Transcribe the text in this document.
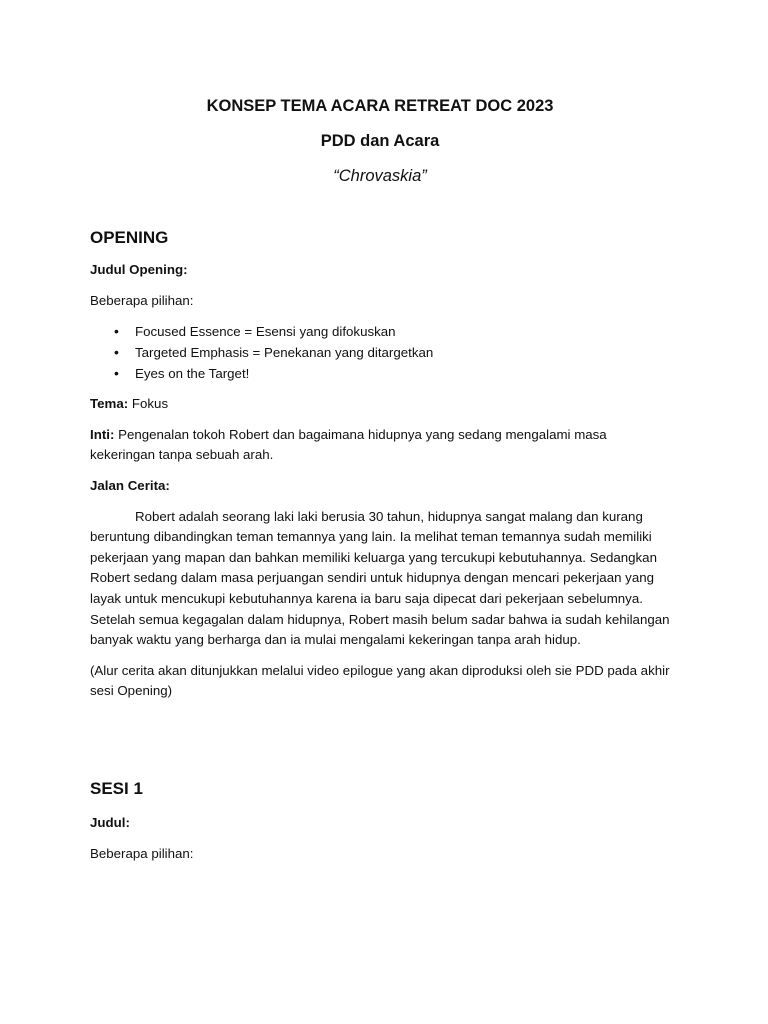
KONSEP TEMA ACARA RETREAT DOC 2023

PDD dan Acara

“Chrovaskia”

OPENING

Judul Opening:

Beberapa pilihan:

• Focused Essence = Esensi yang difokuskan
• Targeted Emphasis = Penekanan yang ditargetkan
• Eyes on the Target!

Tema: Fokus

Inti: Pengenalan tokoh Robert dan bagaimana hidupnya yang sedang mengalami masa kekeringan tanpa sebuah arah.

Jalan Cerita:

Robert adalah seorang laki laki berusia 30 tahun, hidupnya sangat malang dan kurang beruntung dibandingkan teman temannya yang lain. Ia melihat teman temannya sudah memiliki pekerjaan yang mapan dan bahkan memiliki keluarga yang tercukupi kebutuhannya. Sedangkan Robert sedang dalam masa perjuangan sendiri untuk hidupnya dengan mencari pekerjaan yang layak untuk mencukupi kebutuhannya karena ia baru saja dipecat dari pekerjaan sebelumnya. Setelah semua kegagalan dalam hidupnya, Robert masih belum sadar bahwa ia sudah kehilangan banyak waktu yang berharga dan ia mulai mengalami kekeringan tanpa arah hidup.

(Alur cerita akan ditunjukkan melalui video epilogue yang akan diproduksi oleh sie PDD pada akhir sesi Opening)

SESI 1

Judul:

Beberapa pilihan:
